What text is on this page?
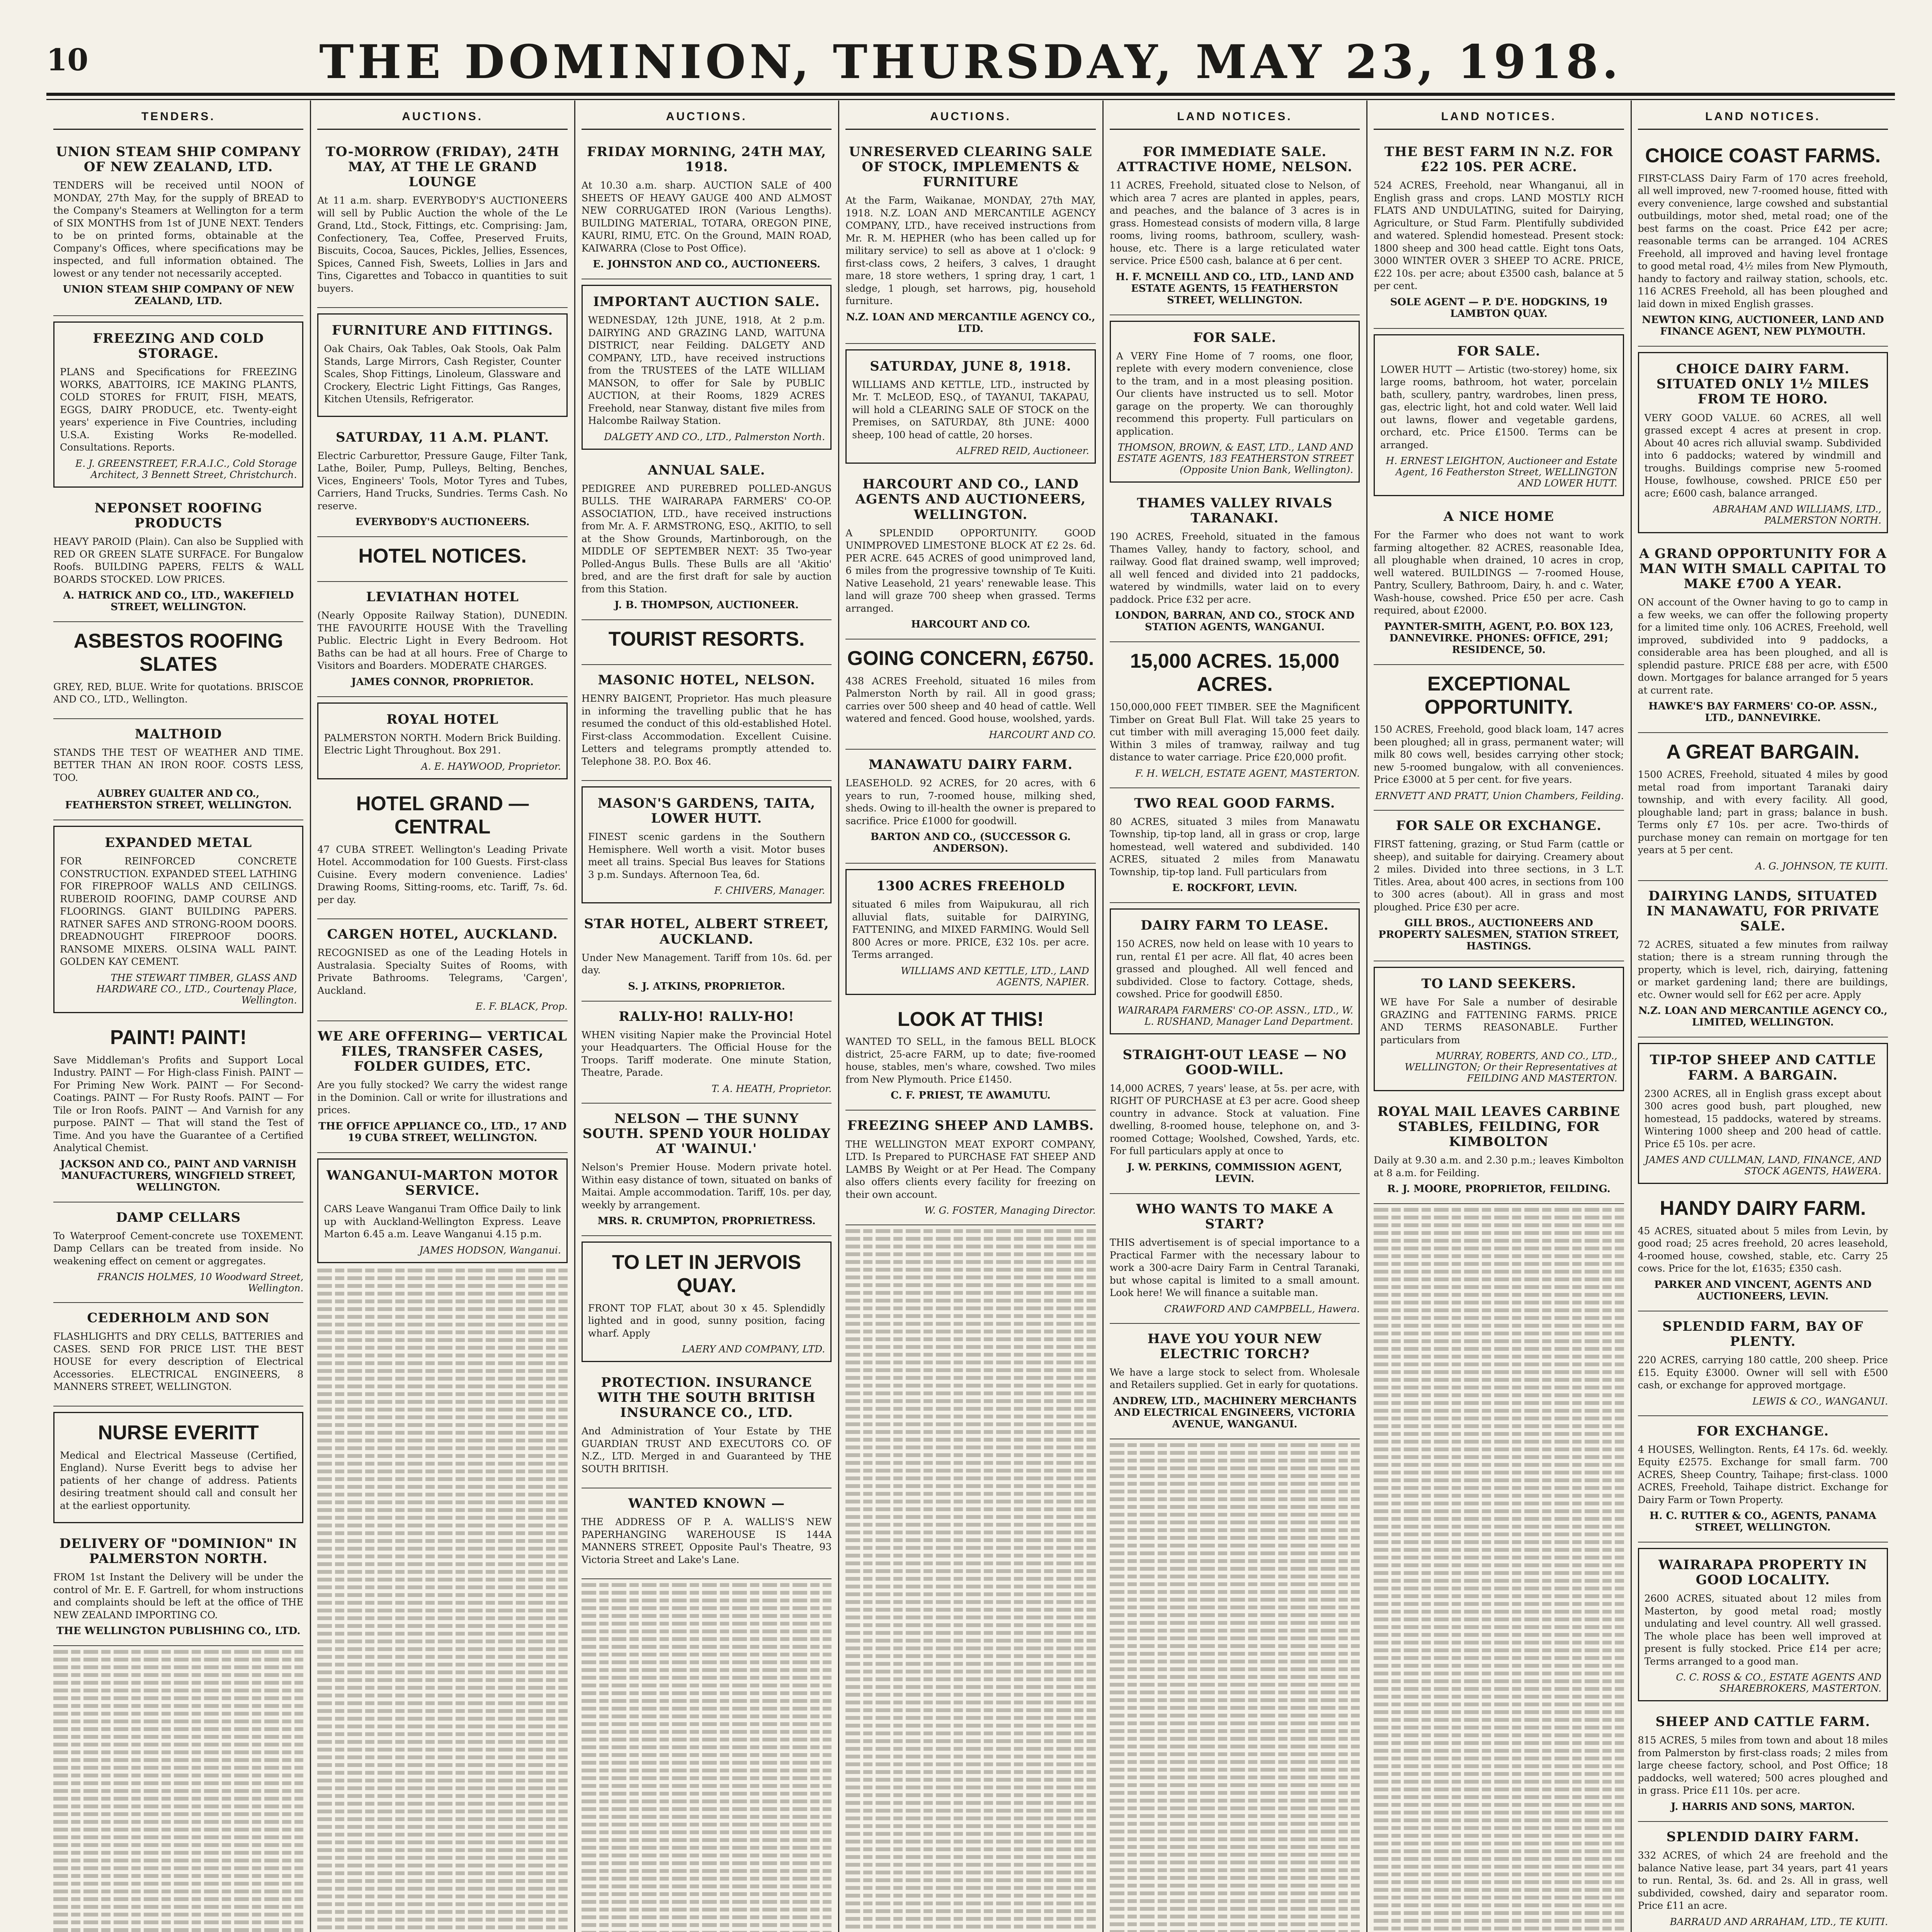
10	THE DOMINION, THURSDAY, MAY 23, 1918.
TENDERS.
UNION STEAM SHIP COMPANY OF NEW ZEALAND, LTD.
TENDERS will be received until NOON of MONDAY, 27th May, for the supply of BREAD to the Company's Steamers at Wellington for a term of SIX MONTHS from 1st of JUNE NEXT. Tenders to be on printed forms, obtainable at the Company's Offices, where specifications may be inspected, and full information obtained. The lowest or any tender not necessarily accepted.
UNION STEAM SHIP COMPANY OF NEW ZEALAND, LTD.
FREEZING AND COLD STORAGE.
PLANS and Specifications for FREEZING WORKS, ABATTOIRS, ICE MAKING PLANTS, COLD STORES for FRUIT, FISH, MEATS, EGGS, DAIRY PRODUCE, etc. Twenty-eight years' experience in Five Countries, including U.S.A. Existing Works Re-modelled. Consultations. Reports.
E. J. GREENSTREET, F.R.A.I.C., Cold Storage Architect, 3 Bennett Street, Christchurch.
NEPONSET ROOFING PRODUCTS
HEAVY PAROID (Plain). Can also be Supplied with RED OR GREEN SLATE SURFACE. For Bungalow Roofs. BUILDING PAPERS, FELTS & WALL BOARDS STOCKED. LOW PRICES.
A. HATRICK AND CO., LTD., WAKEFIELD STREET, WELLINGTON.
ASBESTOS ROOFING SLATES
GREY, RED, BLUE. Write for quotations. BRISCOE AND CO., LTD., Wellington.
MALTHOID
STANDS THE TEST OF WEATHER AND TIME. BETTER THAN AN IRON ROOF. COSTS LESS, TOO.
AUBREY GUALTER AND CO., FEATHERSTON STREET, WELLINGTON.
EXPANDED METAL
FOR REINFORCED CONCRETE CONSTRUCTION. EXPANDED STEEL LATHING FOR FIREPROOF WALLS AND CEILINGS. RUBEROID ROOFING, DAMP COURSE AND FLOORINGS. GIANT BUILDING PAPERS. RATNER SAFES AND STRONG-ROOM DOORS. DREADNOUGHT FIREPROOF DOORS. RANSOME MIXERS. OLSINA WALL PAINT. GOLDEN KAY CEMENT.
THE STEWART TIMBER, GLASS AND HARDWARE CO., LTD., Courtenay Place, Wellington.
PAINT! PAINT!
Save Middleman's Profits and Support Local Industry. PAINT — For High-class Finish. PAINT — For Priming New Work. PAINT — For Second-Coatings. PAINT — For Rusty Roofs. PAINT — For Tile or Iron Roofs. PAINT — And Varnish for any purpose. PAINT — That will stand the Test of Time. And you have the Guarantee of a Certified Analytical Chemist.
JACKSON AND CO., PAINT AND VARNISH MANUFACTURERS, WINGFIELD STREET, WELLINGTON.
DAMP CELLARS
To Waterproof Cement-concrete use TOXEMENT. Damp Cellars can be treated from inside. No weakening effect on cement or aggregates.
FRANCIS HOLMES, 10 Woodward Street, Wellington.
CEDERHOLM AND SON
FLASHLIGHTS and DRY CELLS, BATTERIES and CASES. SEND FOR PRICE LIST. THE BEST HOUSE for every description of Electrical Accessories. ELECTRICAL ENGINEERS, 8 MANNERS STREET, WELLINGTON.
NURSE EVERITT
Medical and Electrical Masseuse (Certified, England). Nurse Everitt begs to advise her patients of her change of address. Patients desiring treatment should call and consult her at the earliest opportunity.
DELIVERY OF "DOMINION" IN PALMERSTON NORTH.
FROM 1st Instant the Delivery will be under the control of Mr. E. F. Gartrell, for whom instructions and complaints should be left at the office of THE NEW ZEALAND IMPORTING CO.
THE WELLINGTON PUBLISHING CO., LTD.
AUCTIONS.
TO-MORROW (FRIDAY), 24TH MAY, AT THE LE GRAND LOUNGE
At 11 a.m. sharp. EVERYBODY'S AUCTIONEERS will sell by Public Auction the whole of the Le Grand, Ltd., Stock, Fittings, etc. Comprising: Jam, Confectionery, Tea, Coffee, Preserved Fruits, Biscuits, Cocoa, Sauces, Pickles, Jellies, Essences, Spices, Canned Fish, Sweets, Lollies in Jars and Tins, Cigarettes and Tobacco in quantities to suit buyers.
FURNITURE AND FITTINGS.
Oak Chairs, Oak Tables, Oak Stools, Oak Palm Stands, Large Mirrors, Cash Register, Counter Scales, Shop Fittings, Linoleum, Glassware and Crockery, Electric Light Fittings, Gas Ranges, Kitchen Utensils, Refrigerator.
SATURDAY, 11 A.M. PLANT.
Electric Carburettor, Pressure Gauge, Filter Tank, Lathe, Boiler, Pump, Pulleys, Belting, Benches, Vices, Engineers' Tools, Motor Tyres and Tubes, Carriers, Hand Trucks, Sundries. Terms Cash. No reserve.
EVERYBODY'S AUCTIONEERS.
HOTEL NOTICES.
LEVIATHAN HOTEL
(Nearly Opposite Railway Station), DUNEDIN. THE FAVOURITE HOUSE With the Travelling Public. Electric Light in Every Bedroom. Hot Baths can be had at all hours. Free of Charge to Visitors and Boarders. MODERATE CHARGES.
JAMES CONNOR, PROPRIETOR.
ROYAL HOTEL
PALMERSTON NORTH. Modern Brick Building. Electric Light Throughout. Box 291.
A. E. HAYWOOD, Proprietor.
HOTEL GRAND — CENTRAL
47 CUBA STREET. Wellington's Leading Private Hotel. Accommodation for 100 Guests. First-class Cuisine. Every modern convenience. Ladies' Drawing Rooms, Sitting-rooms, etc. Tariff, 7s. 6d. per day.
CARGEN HOTEL, AUCKLAND.
RECOGNISED as one of the Leading Hotels in Australasia. Specialty Suites of Rooms, with Private Bathrooms. Telegrams, 'Cargen', Auckland.
E. F. BLACK, Prop.
WE ARE OFFERING— VERTICAL FILES, TRANSFER CASES, FOLDER GUIDES, ETC.
Are you fully stocked? We carry the widest range in the Dominion. Call or write for illustrations and prices.
THE OFFICE APPLIANCE CO., LTD., 17 AND 19 CUBA STREET, WELLINGTON.
WANGANUI-MARTON MOTOR SERVICE.
CARS Leave Wanganui Tram Office Daily to link up with Auckland-Wellington Express. Leave Marton 6.45 a.m. Leave Wanganui 4.15 p.m.
JAMES HODSON, Wanganui.
AUCTIONS.
FRIDAY MORNING, 24TH MAY, 1918.
At 10.30 a.m. sharp. AUCTION SALE of 400 SHEETS OF HEAVY GAUGE 400 AND ALMOST NEW CORRUGATED IRON (Various Lengths). BUILDING MATERIAL, TOTARA, OREGON PINE, KAURI, RIMU, ETC. On the Ground, MAIN ROAD, KAIWARRA (Close to Post Office).
E. JOHNSTON AND CO., AUCTIONEERS.
IMPORTANT AUCTION SALE.
WEDNESDAY, 12th JUNE, 1918, At 2 p.m. DAIRYING AND GRAZING LAND, WAITUNA DISTRICT, near Feilding. DALGETY AND COMPANY, LTD., have received instructions from the TRUSTEES of the LATE WILLIAM MANSON, to offer for Sale by PUBLIC AUCTION, at their Rooms, 1829 ACRES Freehold, near Stanway, distant five miles from Halcombe Railway Station.
DALGETY AND CO., LTD., Palmerston North.
ANNUAL SALE.
PEDIGREE AND PUREBRED POLLED-ANGUS BULLS. THE WAIRARAPA FARMERS' CO-OP. ASSOCIATION, LTD., have received instructions from Mr. A. F. ARMSTRONG, ESQ., AKITIO, to sell at the Show Grounds, Martinborough, on the MIDDLE OF SEPTEMBER NEXT: 35 Two-year Polled-Angus Bulls. These Bulls are all 'Akitio' bred, and are the first draft for sale by auction from this Station.
J. B. THOMPSON, AUCTIONEER.
TOURIST RESORTS.
MASONIC HOTEL, NELSON.
HENRY BAIGENT, Proprietor. Has much pleasure in informing the travelling public that he has resumed the conduct of this old-established Hotel. First-class Accommodation. Excellent Cuisine. Letters and telegrams promptly attended to. Telephone 38. P.O. Box 46.
MASON'S GARDENS, TAITA, LOWER HUTT.
FINEST scenic gardens in the Southern Hemisphere. Well worth a visit. Motor buses meet all trains. Special Bus leaves for Stations 3 p.m. Sundays. Afternoon Tea, 6d.
F. CHIVERS, Manager.
STAR HOTEL, ALBERT STREET, AUCKLAND.
Under New Management. Tariff from 10s. 6d. per day.
S. J. ATKINS, PROPRIETOR.
RALLY-HO! RALLY-HO!
WHEN visiting Napier make the Provincial Hotel your Headquarters. The Official House for the Troops. Tariff moderate. One minute Station, Theatre, Parade.
T. A. HEATH, Proprietor.
NELSON — THE SUNNY SOUTH. SPEND YOUR HOLIDAY AT 'WAINUI.'
Nelson's Premier House. Modern private hotel. Within easy distance of town, situated on banks of Maitai. Ample accommodation. Tariff, 10s. per day, weekly by arrangement.
MRS. R. CRUMPTON, PROPRIETRESS.
TO LET IN JERVOIS QUAY.
FRONT TOP FLAT, about 30 x 45. Splendidly lighted and in good, sunny position, facing wharf. Apply
LAERY AND COMPANY, LTD.
PROTECTION. INSURANCE WITH THE SOUTH BRITISH INSURANCE CO., LTD.
And Administration of Your Estate by THE GUARDIAN TRUST AND EXECUTORS CO. OF N.Z., LTD. Merged in and Guaranteed by THE SOUTH BRITISH.
WANTED KNOWN —
THE ADDRESS OF P. A. WALLIS'S NEW PAPERHANGING WAREHOUSE IS 144A MANNERS STREET, Opposite Paul's Theatre, 93 Victoria Street and Lake's Lane.
AUCTIONS.
UNRESERVED CLEARING SALE OF STOCK, IMPLEMENTS & FURNITURE
At the Farm, Waikanae, MONDAY, 27th MAY, 1918. N.Z. LOAN AND MERCANTILE AGENCY COMPANY, LTD., have received instructions from Mr. R. M. HEPHER (who has been called up for military service) to sell as above at 1 o'clock: 9 first-class cows, 2 heifers, 3 calves, 1 draught mare, 18 store wethers, 1 spring dray, 1 cart, 1 sledge, 1 plough, set harrows, pig, household furniture.
N.Z. LOAN AND MERCANTILE AGENCY CO., LTD.
SATURDAY, JUNE 8, 1918.
WILLIAMS AND KETTLE, LTD., instructed by Mr. T. McLEOD, ESQ., of TAYANUI, TAKAPAU, will hold a CLEARING SALE OF STOCK on the Premises, on SATURDAY, 8th JUNE: 4000 sheep, 100 head of cattle, 20 horses.
ALFRED REID, Auctioneer.
HARCOURT AND CO., LAND AGENTS AND AUCTIONEERS, WELLINGTON.
A SPLENDID OPPORTUNITY. GOOD UNIMPROVED LIMESTONE BLOCK AT £2 2s. 6d. PER ACRE. 645 ACRES of good unimproved land, 6 miles from the progressive township of Te Kuiti. Native Leasehold, 21 years' renewable lease. This land will graze 700 sheep when grassed. Terms arranged.
HARCOURT AND CO.
GOING CONCERN, £6750.
438 ACRES Freehold, situated 16 miles from Palmerston North by rail. All in good grass; carries over 500 sheep and 40 head of cattle. Well watered and fenced. Good house, woolshed, yards.
HARCOURT AND CO.
MANAWATU DAIRY FARM.
LEASEHOLD. 92 ACRES, for 20 acres, with 6 years to run, 7-roomed house, milking shed, sheds. Owing to ill-health the owner is prepared to sacrifice. Price £1000 for goodwill.
BARTON AND CO., (SUCCESSOR G. ANDERSON).
1300 ACRES FREEHOLD
situated 6 miles from Waipukurau, all rich alluvial flats, suitable for DAIRYING, FATTENING, and MIXED FARMING. Would Sell 800 Acres or more. PRICE, £32 10s. per acre. Terms arranged.
WILLIAMS AND KETTLE, LTD., LAND AGENTS, NAPIER.
LOOK AT THIS!
WANTED TO SELL, in the famous BELL BLOCK district, 25-acre FARM, up to date; five-roomed house, stables, men's whare, cowshed. Two miles from New Plymouth. Price £1450.
C. F. PRIEST, TE AWAMUTU.
FREEZING SHEEP AND LAMBS.
THE WELLINGTON MEAT EXPORT COMPANY, LTD. Is Prepared to PURCHASE FAT SHEEP AND LAMBS By Weight or at Per Head. The Company also offers clients every facility for freezing on their own account.
W. G. FOSTER, Managing Director.
LAND NOTICES.
FOR IMMEDIATE SALE. ATTRACTIVE HOME, NELSON.
11 ACRES, Freehold, situated close to Nelson, of which area 7 acres are planted in apples, pears, and peaches, and the balance of 3 acres is in grass. Homestead consists of modern villa, 8 large rooms, living rooms, bathroom, scullery, wash-house, etc. There is a large reticulated water service. Price £500 cash, balance at 6 per cent.
H. F. MCNEILL AND CO., LTD., LAND AND ESTATE AGENTS, 15 FEATHERSTON STREET, WELLINGTON.
FOR SALE.
A VERY Fine Home of 7 rooms, one floor, replete with every modern convenience, close to the tram, and in a most pleasing position. Our clients have instructed us to sell. Motor garage on the property. We can thoroughly recommend this property. Full particulars on application.
THOMSON, BROWN, & EAST, LTD., LAND AND ESTATE AGENTS, 183 FEATHERSTON STREET (Opposite Union Bank, Wellington).
THAMES VALLEY RIVALS TARANAKI.
190 ACRES, Freehold, situated in the famous Thames Valley, handy to factory, school, and railway. Good flat drained swamp, well improved; all well fenced and divided into 21 paddocks, watered by windmills, water laid on to every paddock. Price £32 per acre.
LONDON, BARRAN, AND CO., STOCK AND STATION AGENTS, WANGANUI.
15,000 ACRES. 15,000 ACRES.
150,000,000 FEET TIMBER. SEE the Magnificent Timber on Great Bull Flat. Will take 25 years to cut timber with mill averaging 15,000 feet daily. Within 3 miles of tramway, railway and tug distance to water carriage. Price £20,000 profit.
F. H. WELCH, ESTATE AGENT, MASTERTON.
TWO REAL GOOD FARMS.
80 ACRES, situated 3 miles from Manawatu Township, tip-top land, all in grass or crop, large homestead, well watered and subdivided. 140 ACRES, situated 2 miles from Manawatu Township, tip-top land. Full particulars from
E. ROCKFORT, LEVIN.
DAIRY FARM TO LEASE.
150 ACRES, now held on lease with 10 years to run, rental £1 per acre. All flat, 40 acres been grassed and ploughed. All well fenced and subdivided. Close to factory. Cottage, sheds, cowshed. Price for goodwill £850.
WAIRARAPA FARMERS' CO-OP. ASSN., LTD., W. L. RUSHAND, Manager Land Department.
STRAIGHT-OUT LEASE — NO GOOD-WILL.
14,000 ACRES, 7 years' lease, at 5s. per acre, with RIGHT OF PURCHASE at £3 per acre. Good sheep country in advance. Stock at valuation. Fine dwelling, 8-roomed house, telephone on, and 3-roomed Cottage; Woolshed, Cowshed, Yards, etc. For full particulars apply at once to
J. W. PERKINS, COMMISSION AGENT, LEVIN.
WHO WANTS TO MAKE A START?
THIS advertisement is of special importance to a Practical Farmer with the necessary labour to work a 300-acre Dairy Farm in Central Taranaki, but whose capital is limited to a small amount. Look here! We will finance a suitable man.
CRAWFORD AND CAMPBELL, Hawera.
HAVE YOU YOUR NEW ELECTRIC TORCH?
We have a large stock to select from. Wholesale and Retailers supplied. Get in early for quotations.
ANDREW, LTD., MACHINERY MERCHANTS AND ELECTRICAL ENGINEERS, VICTORIA AVENUE, WANGANUI.
LAND NOTICES.
THE BEST FARM IN N.Z. FOR £22 10S. PER ACRE.
524 ACRES, Freehold, near Whanganui, all in English grass and crops. LAND MOSTLY RICH FLATS AND UNDULATING, suited for Dairying, Agriculture, or Stud Farm. Plentifully subdivided and watered. Splendid homestead. Present stock: 1800 sheep and 300 head cattle. Eight tons Oats, 3000 WINTER OVER 3 SHEEP TO ACRE. PRICE, £22 10s. per acre; about £3500 cash, balance at 5 per cent.
SOLE AGENT — P. D'E. HODGKINS, 19 LAMBTON QUAY.
FOR SALE.
LOWER HUTT — Artistic (two-storey) home, six large rooms, bathroom, hot water, porcelain bath, scullery, pantry, wardrobes, linen press, gas, electric light, hot and cold water. Well laid out lawns, flower and vegetable gardens, orchard, etc. Price £1500. Terms can be arranged.
H. ERNEST LEIGHTON, Auctioneer and Estate Agent, 16 Featherston Street, WELLINGTON AND LOWER HUTT.
A NICE HOME
For the Farmer who does not want to work farming altogether. 82 ACRES, reasonable Idea, all ploughable when drained, 10 acres in crop, well watered. BUILDINGS — 7-roomed House, Pantry, Scullery, Bathroom, Dairy, h. and c. Water, Wash-house, cowshed. Price £50 per acre. Cash required, about £2000.
PAYNTER-SMITH, AGENT, P.O. BOX 123, DANNEVIRKE. PHONES: OFFICE, 291; RESIDENCE, 50.
EXCEPTIONAL OPPORTUNITY.
150 ACRES, Freehold, good black loam, 147 acres been ploughed; all in grass, permanent water; will milk 80 cows well, besides carrying other stock; new 5-roomed bungalow, with all conveniences. Price £3000 at 5 per cent. for five years.
ERNVETT AND PRATT, Union Chambers, Feilding.
FOR SALE OR EXCHANGE.
FIRST fattening, grazing, or Stud Farm (cattle or sheep), and suitable for dairying. Creamery about 2 miles. Divided into three sections, in 3 L.T. Titles. Area, about 400 acres, in sections from 100 to 300 acres (about). All in grass and most ploughed. Price £30 per acre.
GILL BROS., AUCTIONEERS AND PROPERTY SALESMEN, STATION STREET, HASTINGS.
TO LAND SEEKERS.
WE have For Sale a number of desirable GRAZING and FATTENING FARMS. PRICE AND TERMS REASONABLE. Further particulars from
MURRAY, ROBERTS, AND CO., LTD., WELLINGTON; Or their Representatives at FEILDING AND MASTERTON.
ROYAL MAIL LEAVES CARBINE STABLES, FEILDING, FOR KIMBOLTON
Daily at 9.30 a.m. and 2.30 p.m.; leaves Kimbolton at 8 a.m. for Feilding.
R. J. MOORE, PROPRIETOR, FEILDING.
LAND NOTICES.
CHOICE COAST FARMS.
FIRST-CLASS Dairy Farm of 170 acres freehold, all well improved, new 7-roomed house, fitted with every convenience, large cowshed and substantial outbuildings, motor shed, metal road; one of the best farms on the coast. Price £42 per acre; reasonable terms can be arranged. 104 ACRES Freehold, all improved and having level frontage to good metal road, 4½ miles from New Plymouth, handy to factory and railway station, schools, etc. 116 ACRES Freehold, all has been ploughed and laid down in mixed English grasses.
NEWTON KING, AUCTIONEER, LAND AND FINANCE AGENT, NEW PLYMOUTH.
CHOICE DAIRY FARM. SITUATED ONLY 1½ MILES FROM TE HORO.
VERY GOOD VALUE. 60 ACRES, all well grassed except 4 acres at present in crop. About 40 acres rich alluvial swamp. Subdivided into 6 paddocks; watered by windmill and troughs. Buildings comprise new 5-roomed House, fowlhouse, cowshed. PRICE £50 per acre; £600 cash, balance arranged.
ABRAHAM AND WILLIAMS, LTD., PALMERSTON NORTH.
A GRAND OPPORTUNITY FOR A MAN WITH SMALL CAPITAL TO MAKE £700 A YEAR.
ON account of the Owner having to go to camp in a few weeks, we can offer the following property for a limited time only. 106 ACRES, Freehold, well improved, subdivided into 9 paddocks, a considerable area has been ploughed, and all is splendid pasture. PRICE £88 per acre, with £500 down. Mortgages for balance arranged for 5 years at current rate.
HAWKE'S BAY FARMERS' CO-OP. ASSN., LTD., DANNEVIRKE.
A GREAT BARGAIN.
1500 ACRES, Freehold, situated 4 miles by good metal road from important Taranaki dairy township, and with every facility. All good, ploughable land; part in grass; balance in bush. Terms only £7 10s. per acre. Two-thirds of purchase money can remain on mortgage for ten years at 5 per cent.
A. G. JOHNSON, TE KUITI.
DAIRYING LANDS, SITUATED IN MANAWATU, FOR PRIVATE SALE.
72 ACRES, situated a few minutes from railway station; there is a stream running through the property, which is level, rich, dairying, fattening or market gardening land; there are buildings, etc. Owner would sell for £62 per acre. Apply
N.Z. LOAN AND MERCANTILE AGENCY CO., LIMITED, WELLINGTON.
TIP-TOP SHEEP AND CATTLE FARM. A BARGAIN.
2300 ACRES, all in English grass except about 300 acres good bush, part ploughed, new homestead, 15 paddocks, watered by streams. Wintering 1000 sheep and 200 head of cattle. Price £5 10s. per acre.
JAMES AND CULLMAN, LAND, FINANCE, AND STOCK AGENTS, HAWERA.
HANDY DAIRY FARM.
45 ACRES, situated about 5 miles from Levin, by good road; 25 acres freehold, 20 acres leasehold, 4-roomed house, cowshed, stable, etc. Carry 25 cows. Price for the lot, £1635; £350 cash.
PARKER AND VINCENT, AGENTS AND AUCTIONEERS, LEVIN.
SPLENDID FARM, BAY OF PLENTY.
220 ACRES, carrying 180 cattle, 200 sheep. Price £15. Equity £3000. Owner will sell with £500 cash, or exchange for approved mortgage.
LEWIS & CO., WANGANUI.
FOR EXCHANGE.
4 HOUSES, Wellington. Rents, £4 17s. 6d. weekly. Equity £2575. Exchange for small farm. 700 ACRES, Sheep Country, Taihape; first-class. 1000 ACRES, Freehold, Taihape district. Exchange for Dairy Farm or Town Property.
H. C. RUTTER & CO., AGENTS, PANAMA STREET, WELLINGTON.
WAIRARAPA PROPERTY IN GOOD LOCALITY.
2600 ACRES, situated about 12 miles from Masterton, by good metal road; mostly undulating and level country. All well grassed. The whole place has been well improved at present is fully stocked. Price £14 per acre; Terms arranged to a good man.
C. C. ROSS & CO., ESTATE AGENTS AND SHAREBROKERS, MASTERTON.
SHEEP AND CATTLE FARM.
815 ACRES, 5 miles from town and about 18 miles from Palmerston by first-class roads; 2 miles from large cheese factory, school, and Post Office; 18 paddocks, well watered; 500 acres ploughed and in grass. Price £11 10s. per acre.
J. HARRIS AND SONS, MARTON.
SPLENDID DAIRY FARM.
332 ACRES, of which 24 are freehold and the balance Native lease, part 34 years, part 41 years to run. Rental, 3s. 6d. and 2s. All in grass, well subdivided, cowshed, dairy and separator room. Price £11 an acre.
BARRAUD AND ARRAHAM, LTD., TE KUITI.
